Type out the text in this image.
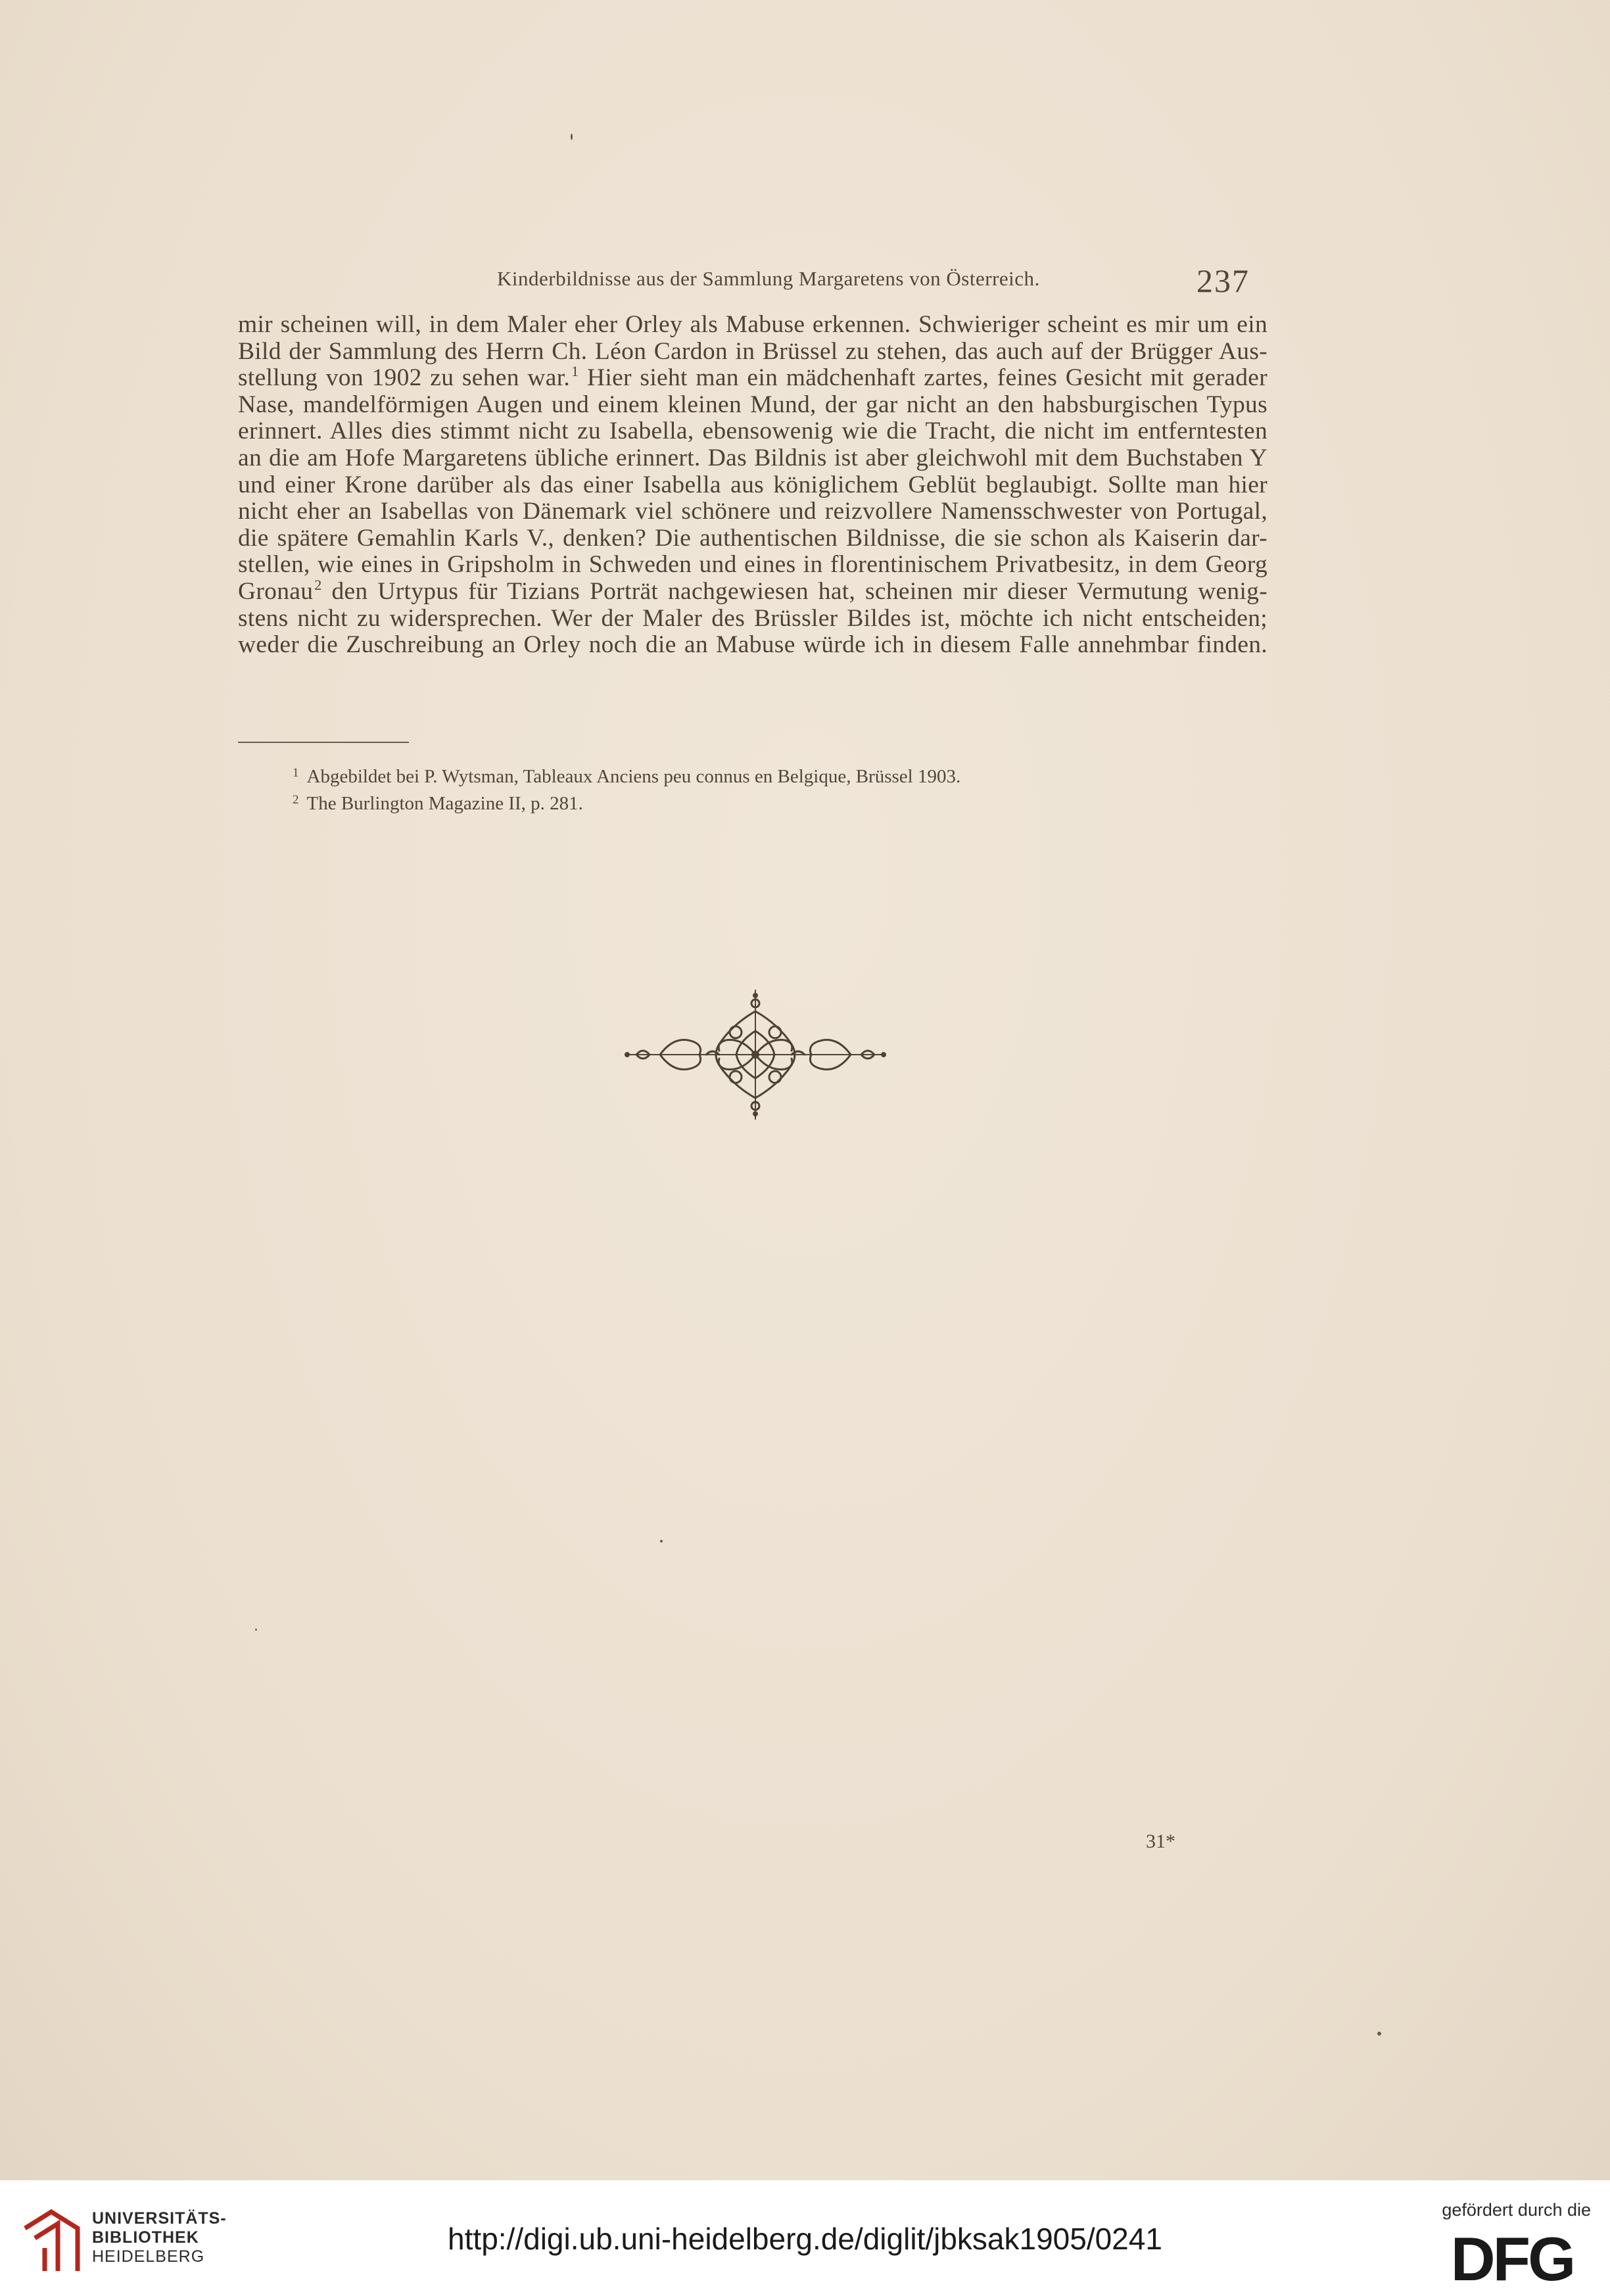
Kinderbildnisse aus der Sammlung Margaretens von Österreich.	237
mir scheinen will, in dem Maler eher Orley als Mabuse erkennen. Schwieriger scheint es mir um ein
Bild der Sammlung des Herrn Ch. Léon Cardon in Brüssel zu stehen, das auch auf der Brügger Aus-
stellung von 1902 zu sehen war.$^1$ Hier sieht man ein mädchenhaft zartes, feines Gesicht mit gerader
Nase, mandelförmigen Augen und einem kleinen Mund, der gar nicht an den habsburgischen Typus
erinnert. Alles dies stimmt nicht zu Isabella, ebensowenig wie die Tracht, die nicht im entferntesten
an die am Hofe Margaretens übliche erinnert. Das Bildnis ist aber gleichwohl mit dem Buchstaben Y
und einer Krone darüber als das einer Isabella aus königlichem Geblüt beglaubigt. Sollte man hier
nicht eher an Isabellas von Dänemark viel schönere und reizvollere Namensschwester von Portugal,
die spätere Gemahlin Karls V., denken? Die authentischen Bildnisse, die sie schon als Kaiserin dar-
stellen, wie eines in Gripsholm in Schweden und eines in florentinischem Privatbesitz, in dem Georg
Gronau$^2$ den Urtypus für Tizians Porträt nachgewiesen hat, scheinen mir dieser Vermutung wenig-
stens nicht zu widersprechen. Wer der Maler des Brüssler Bildes ist, möchte ich nicht entscheiden;
weder die Zuschreibung an Orley noch die an Mabuse würde ich in diesem Falle annehmbar finden.
$^1$ Abgebildet bei P. Wytsman, Tableaux Anciens peu connus en Belgique, Brüssel 1903.
$^2$ The Burlington Magazine II, p. 281.
31*
UNIVERSITÄTS-
BIBLIOTHEK
HEIDELBERG
http://digi.ub.uni-heidelberg.de/diglit/jbksak1905/0241
gefördert durch die
DFG
